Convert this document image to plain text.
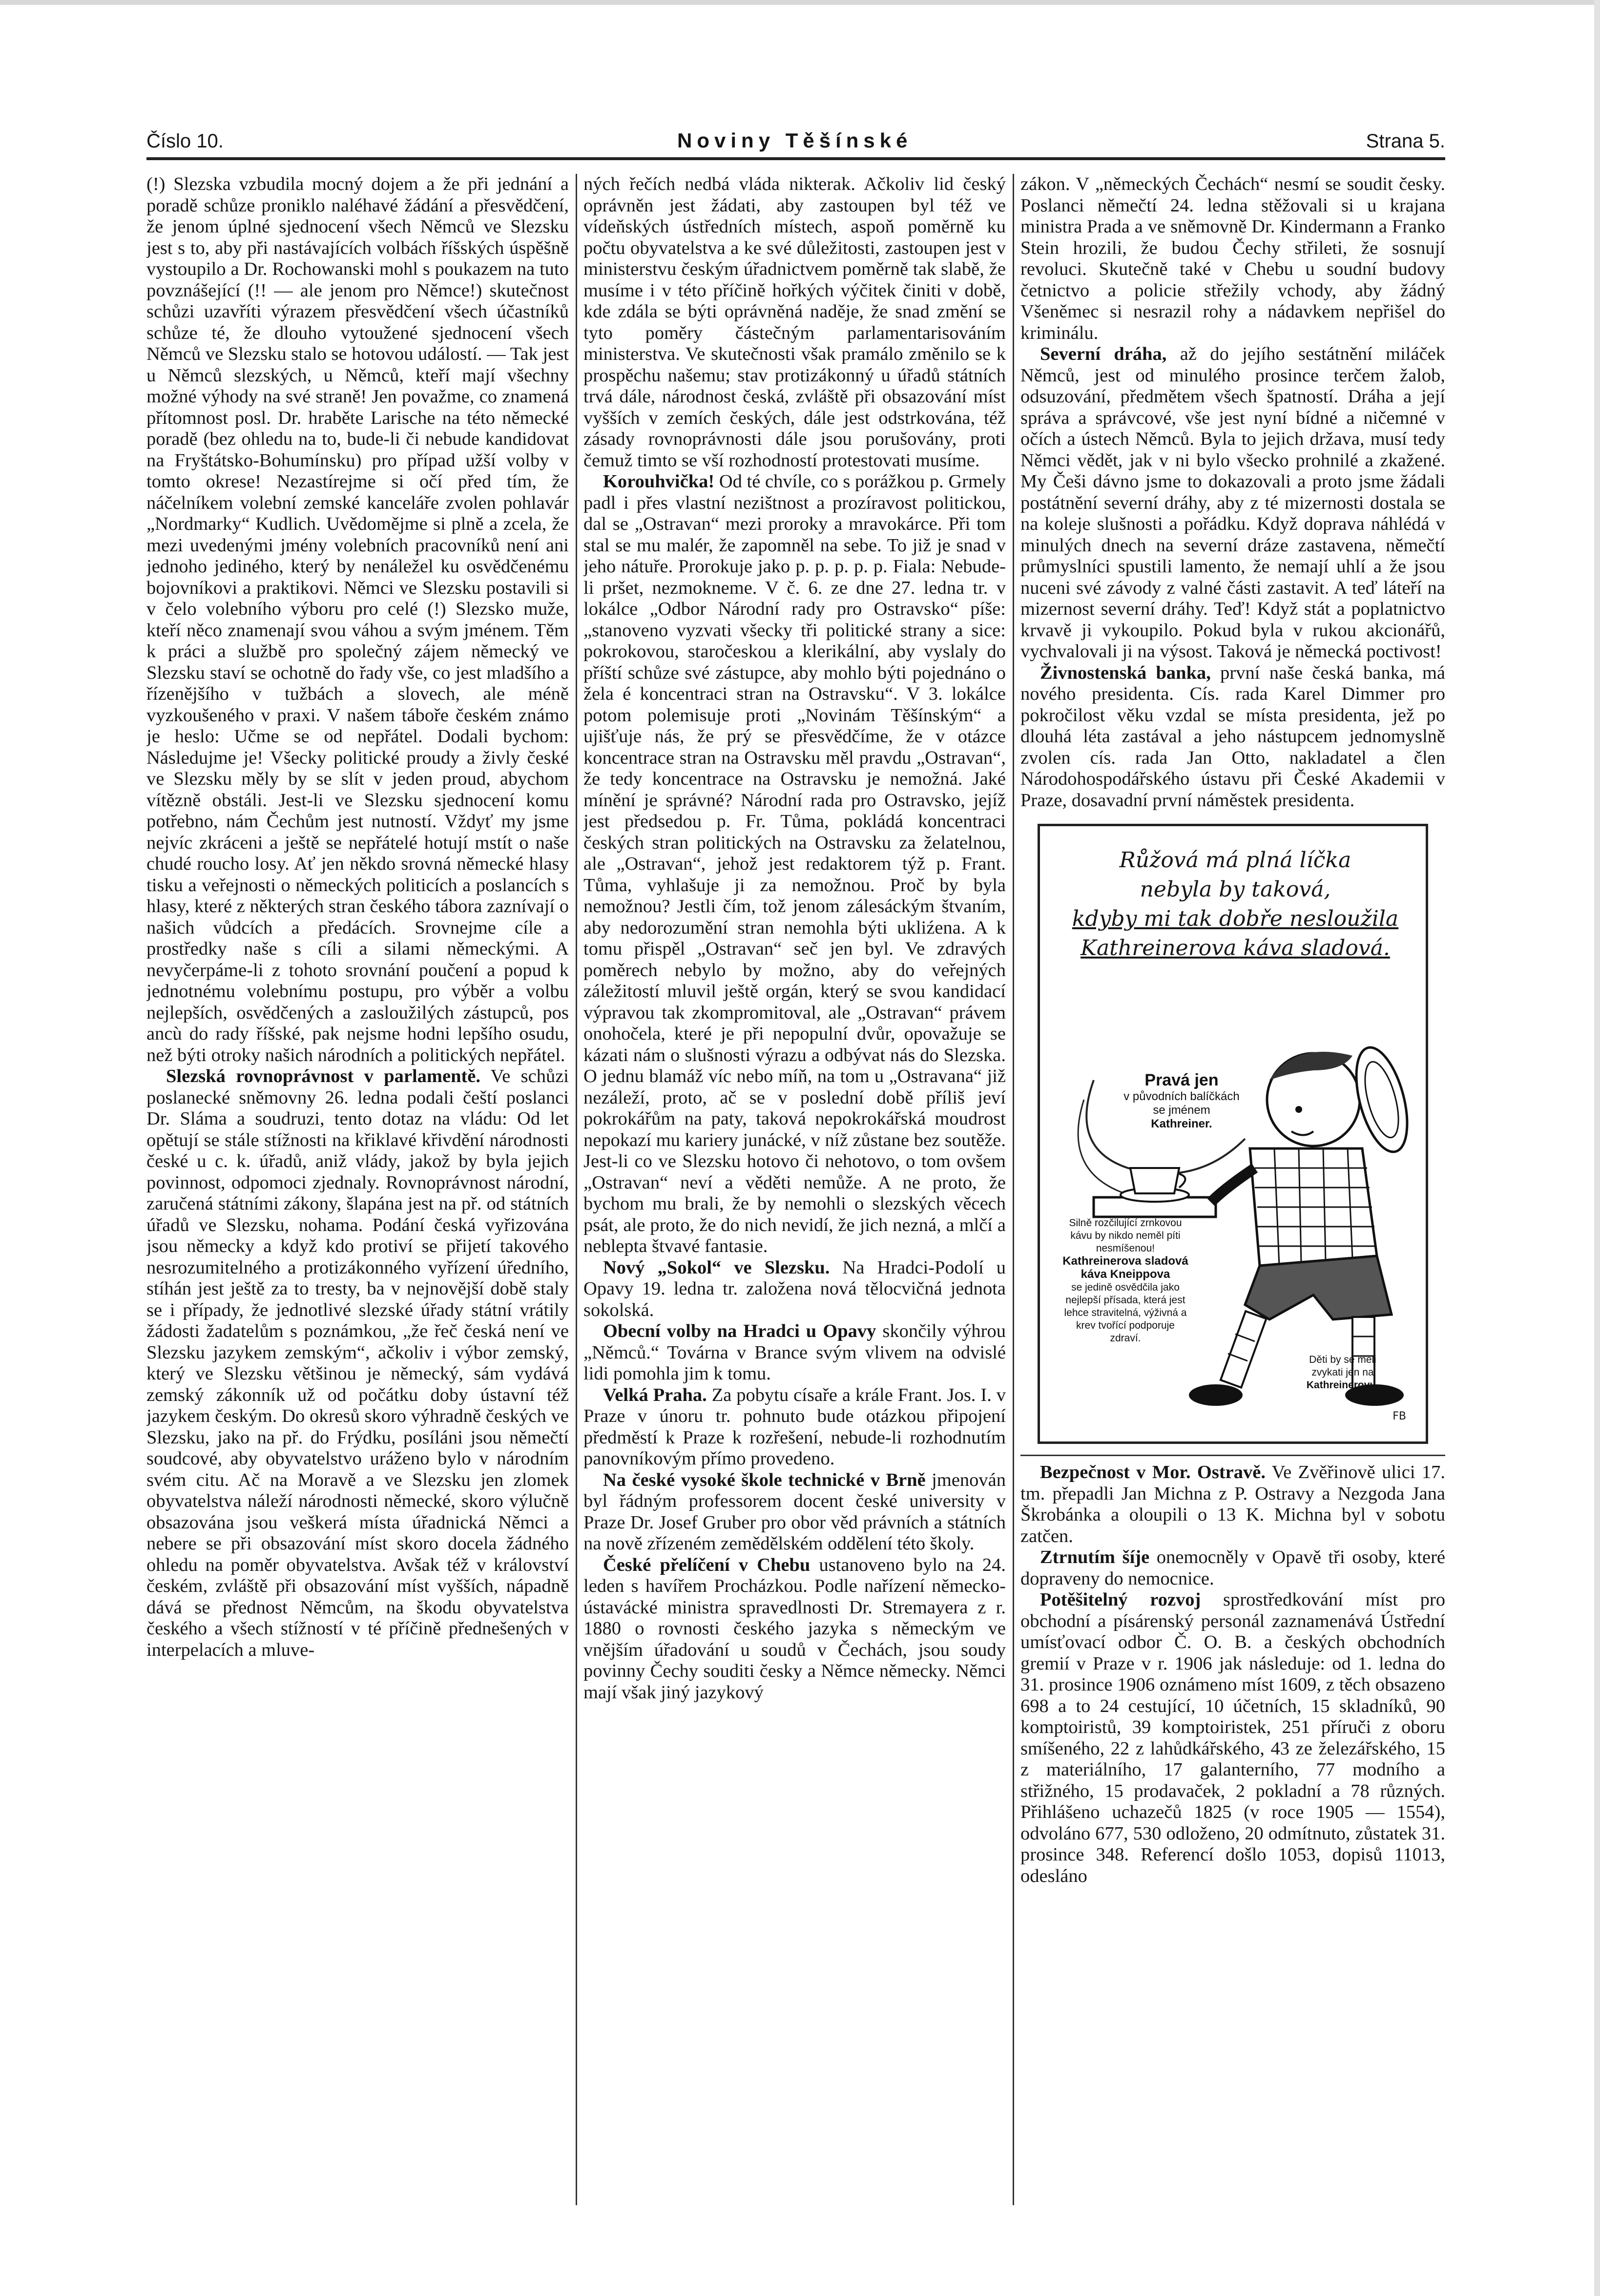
Číslo 10.	Noviny Těšínské	Strana 5.

(!) Slezska vzbudila mocný dojem a že při jednání a poradě schůze proniklo naléhavé žádání a přesvědčení, že jenom úplné sjednocení všech Němců ve Slezsku jest s to, aby při nastávajících volbách říšských úspěšně vystoupilo a Dr. Rochowanski mohl s poukazem na tuto povznášející (!! — ale jenom pro Němce!) skutečnost schůzi uzavříti výrazem přesvědčení všech účastníků schůze té, že dlouho vytoužené sjednocení všech Němců ve Slezsku stalo se hotovou událostí. — Tak jest u Němců slezských, u Němců, kteří mají všechny možné výhody na své straně! Jen považme, co znamená přítomnost posl. Dr. hraběte Larische na této německé poradě (bez ohledu na to, bude-li či nebude kandidovat na Fryštátsko-Bohumínsku) pro případ užší volby v tomto okrese! Nezastírejme si očí před tím, že náčelníkem volební zemské kanceláře zvolen pohlavár „Nordmarky“ Kudlich. Uvědomějme si plně a zcela, že mezi uvedenými jmény volebních pracovníků není ani jednoho jediného, který by nenáležel ku osvědčenému bojovníkovi a praktikovi. Němci ve Slezsku postavili si v čelo volebního výboru pro celé (!) Slezsko muže, kteří něco znamenají svou váhou a svým jménem. Těm k práci a službě pro společný zájem německý ve Slezsku staví se ochotně do řady vše, co jest mladšího a řízenějšího v tužbách a slovech, ale méně vyzkoušeného v praxi. V našem táboře českém známo je heslo: Učme se od nepřátel. Dodali bychom: Následujme je! Všecky politické proudy a živly české ve Slezsku měly by se slít v jeden proud, abychom vítězně obstáli. Jest-li ve Slezsku sjednocení komu potřebno, nám Čechům jest nutností. Vždyť my jsme nejvíc zkráceni a ještě se nepřátelé hotují mstít o naše chudé roucho losy. Ať jen někdo srovná německé hlasy tisku a veřejnosti o německých politicích a poslancích s hlasy, které z některých stran českého tábora zaznívají o našich vůdcích a předácích. Srovnejme cíle a prostředky naše s cíli a silami německými. A nevyčerpáme-li z tohoto srovnání poučení a popud k jednotnému volebnímu postupu, pro výběr a volbu nejlepších, osvědčených a zasloužilých zástupců, pos ancù do rady říšské, pak nejsme hodni lepšího osudu, než býti otroky našich národních a politických nepřátel.

Slezská rovnoprávnost v parlamentě. Ve schůzi poslanecké sněmovny 26. ledna podali čeští poslanci Dr. Sláma a soudruzi, tento dotaz na vládu: Od let opětují se stále stížnosti na křiklavé křivdění národnosti české u c. k. úřadů, aniž vlády, jakož by byla jejich povinnost, odpomoci zjednaly. Rovnoprávnost národní, zaručená státními zákony, šlapána jest na př. od státních úřadů ve Slezsku, nohama. Podání česká vyřizována jsou německy a když kdo protiví se přijetí takového nesrozumitelného a protizákonného vyřízení úředního, stíhán jest ještě za to tresty, ba v nejnovější době staly se i případy, že jednotlivé slezské úřady státní vrátily žádosti žadatelům s poznámkou, „že řeč česká není ve Slezsku jazykem zemským“, ačkoliv i výbor zemský, který ve Slezsku většinou je německý, sám vydává zemský zákonník už od počátku doby ústavní též jazykem českým. Do okresů skoro výhradně českých ve Slezsku, jako na př. do Frýdku, posíláni jsou němečtí soudcové, aby obyvatelstvo uráženo bylo v národním svém citu. Ač na Moravě a ve Slezsku jen zlomek obyvatelstva náleží národnosti německé, skoro výlučně obsazována jsou veškerá místa úřadnická Němci a nebere se při obsazování míst skoro docela žádného ohledu na poměr obyvatelstva. Avšak též v království českém, zvláště při obsazování míst vyšších, nápadně dává se přednost Němcům, na škodu obyvatelstva českého a všech stížností v té příčině přednešených v interpelacích a mluve-

ných řečích nedbá vláda nikterak. Ačkoliv lid český oprávněn jest žádati, aby zastoupen byl též ve vídeňských ústředních místech, aspoň poměrně ku počtu obyvatelstva a ke své důležitosti, zastoupen jest v ministerstvu českým úřadnictvem poměrně tak slabě, že musíme i v této příčině hořkých výčitek činiti v době, kde zdála se býti oprávněná naděje, že snad změní se tyto poměry částečným parlamentarisováním ministerstva. Ve skutečnosti však pramálo změnilo se k prospěchu našemu; stav protizákonný u úřadů státních trvá dále, národnost česká, zvláště při obsazování míst vyšších v zemích českých, dále jest odstrkována, též zásady rovnoprávnosti dále jsou porušovány, proti čemuž timto se vší rozhodností protestovati musíme.

Korouhvička! Od té chvíle, co s porážkou p. Grmely padl i přes vlastní nezištnost a prozíravost politickou, dal se „Ostravan“ mezi proroky a mravokárce. Při tom stal se mu malér, že zapomněl na sebe. To již je snad v jeho nátuře. Prorokuje jako p. p. p. p. p. Fiala: Nebude-li pršet, nezmokneme. V č. 6. ze dne 27. ledna tr. v lokálce „Odbor Národní rady pro Ostravsko“ píše: „stanoveno vyzvati všecky tři politické strany a sice: pokrokovou, staročeskou a klerikální, aby vyslaly do příští schůze své zástupce, aby mohlo býti pojednáno o žela é koncentraci stran na Ostravsku“. V 3. lokálce potom polemisuje proti „Novinám Těšínským“ a ujišťuje nás, že prý se přesvědčíme, že v otázce koncentrace stran na Ostravsku měl pravdu „Ostravan“, že tedy koncentrace na Ostravsku je nemožná. Jaké mínění je správné? Národní rada pro Ostravsko, jejíž jest předsedou p. Fr. Tůma, pokládá koncentraci českých stran politických na Ostravsku za želatelnou, ale „Ostravan“, jehož jest redaktorem týž p. Frant. Tůma, vyhlašuje ji za nemožnou. Proč by byla nemožnou? Jestli čím, tož jenom zálesáckým štvaním, aby nedorozumění stran nemohla býti ukliźena. A k tomu přispěl „Ostravan“ seč jen byl. Ve zdravých poměrech nebylo by možno, aby do veřejných záležitostí mluvil ještě orgán, který se svou kandidací výpravou tak zkompromitoval, ale „Ostravan“ právem onohočela, které je při nepopulní dvůr, opovažuje se kázati nám o slušnosti výrazu a odbývat nás do Slezska. O jednu blamáž víc nebo míň, na tom u „Ostravana“ již nezáleží, proto, ač se v poslední době příliš jeví pokrokářům na paty, taková nepokrokářská moudrost nepokazí mu kariery junácké, v níž zůstane bez soutěže. Jest-li co ve Slezsku hotovo či nehotovo, o tom ovšem „Ostravan“ neví a věděti nemůže. A ne proto, že bychom mu brali, že by nemohli o slezských věcech psát, ale proto, že do nich nevidí, že jich nezná, a mlčí a neblepta štvavé fantasie.

Nový „Sokol“ ve Slezsku. Na Hradci-Podolí u Opavy 19. ledna tr. založena nová tělocvičná jednota sokolská.

Obecní volby na Hradci u Opavy skončily výhrou „Němců.“ Továrna v Brance svým vlivem na odvislé lidi pomohla jim k tomu.

Velká Praha. Za pobytu císaře a krále Frant. Jos. I. v Praze v únoru tr. pohnuto bude otázkou připojení předměstí k Praze k rozřešení, nebude-li rozhodnutím panovníkovým přímo provedeno.

Na české vysoké škole technické v Brně jmenován byl řádným professorem docent české university v Praze Dr. Josef Gruber pro obor věd právních a státních na nově zřízeném zemědělském oddělení této školy.

České přelíčení v Chebu ustanoveno bylo na 24. leden s havířem Procházkou. Podle nařízení německo-ústavácké ministra spravedlnosti Dr. Stremayera z r. 1880 o rovnosti českého jazyka s německým ve vnějším úřadování u soudů v Čechách, jsou soudy povinny Čechy souditi česky a Němce německy. Němci mají však jiný jazykový

zákon. V „německých Čechách“ nesmí se soudit česky. Poslanci němečtí 24. ledna stěžovali si u krajana ministra Prada a ve sněmovně Dr. Kindermann a Franko Stein hrozili, že budou Čechy střileti, že sosnují revoluci. Skutečně také v Chebu u soudní budovy četnictvo a policie střežily vchody, aby žádný Všeněmec si nesrazil rohy a nádavkem nepřišel do kriminálu.

Severní dráha, až do jejího sestátnění miláček Němců, jest od minulého prosince terčem žalob, odsuzování, předmětem všech špatností. Dráha a její správa a správcové, vše jest nyní bídné a ničemné v očích a ústech Němců. Byla to jejich država, musí tedy Němci vědět, jak v ni bylo všecko prohnilé a zkažené. My Češi dávno jsme to dokazovali a proto jsme žádali postátnění severní dráhy, aby z té mizernosti dostala se na koleje slušnosti a pořádku. Když doprava náhlédá v minulých dnech na severní dráze zastavena, němečtí průmyslníci spustili lamento, že nemají uhlí a že jsou nuceni své závody z valné části zastavit. A teď láteří na mizernost severní dráhy. Teď! Když stát a poplatnictvo krvavě ji vykoupilo. Pokud byla v rukou akcionářů, vychvalovali ji na výsost. Taková je německá poctivost!

Živnostenská banka, první naše česká banka, má nového presidenta. Cís. rada Karel Dimmer pro pokročilost věku vzdal se místa presidenta, jež po dlouhá léta zastával a jeho nástupcem jednomyslně zvolen cís. rada Jan Otto, nakladatel a člen Národohospodářského ústavu při České Akademii v Praze, dosavadní první náměstek presidenta.

Růžová má plná líčka
nebyla by taková,
kdyby mi tak dobře nesloužila
Kathreinerova káva sladová.
Pravá jen
v původních balíčkách se jménem
Kathreiner.
Silně rozčilující zrnkovou kávu by nikdo neměl píti nesmíšenou!
Kathreinerova sladová káva Kneippova
se jedině osvědčila jako nejlepší přísada, která jest lehce stravitelná, výživná a krev tvořící podporuje zdraví.
Děti by se měli zvykati jen na
Kathreinerovu.
FB

Bezpečnost v Mor. Ostravě. Ve Zvěřinově ulici 17. tm. přepadli Jan Michna z P. Ostravy a Nezgoda Jana Škrobánka a oloupili o 13 K. Michna byl v sobotu zatčen.

Ztrnutím šíje onemocněly v Opavě tři osoby, které dopraveny do nemocnice.

Potěšitelný rozvoj sprostředkování míst pro obchodní a písárenský personál zaznamenává Ústřední umísťovací odbor Č. O. B. a českých obchodních gremií v Praze v r. 1906 jak následuje: od 1. ledna do 31. prosince 1906 oznámeno míst 1609, z těch obsazeno 698 a to 24 cestující, 10 účetních, 15 skladníků, 90 komptoiristů, 39 komptoiristek, 251 příruči z oboru smíšeného, 22 z lahůdkářského, 43 ze železářského, 15 z materiálního, 17 galanterního, 77 modního a střižného, 15 prodavaček, 2 pokladní a 78 různých. Přihlášeno uchazečů 1825 (v roce 1905 — 1554), odvoláno 677, 530 odloženo, 20 odmítnuto, zůstatek 31. prosince 348. Referencí došlo 1053, dopisů 11013, odesláno
